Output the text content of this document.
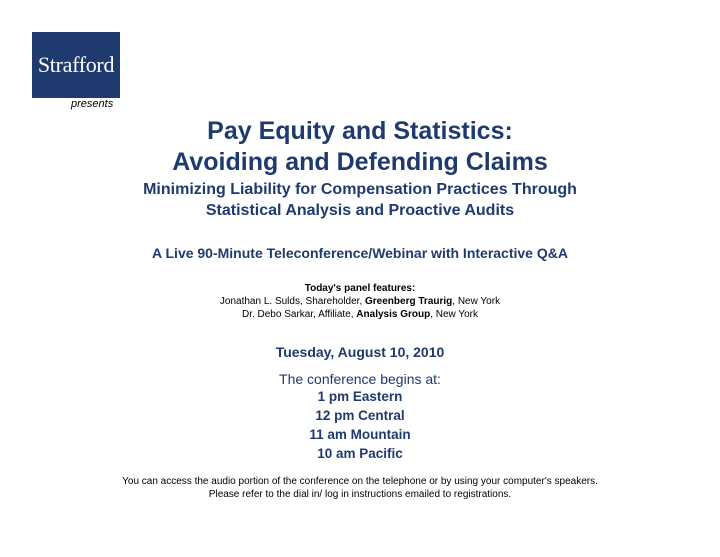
Strafford
presents
Pay Equity and Statistics:
Avoiding and Defending Claims
Minimizing Liability for Compensation Practices Through
Statistical Analysis and Proactive Audits
A Live 90-Minute Teleconference/Webinar with Interactive Q&A
Today's panel features:
Jonathan L. Sulds, Shareholder, Greenberg Traurig, New York
Dr. Debo Sarkar, Affiliate, Analysis Group, New York
Tuesday, August 10, 2010
The conference begins at:
1 pm Eastern
12 pm Central
11 am Mountain
10 am Pacific
You can access the audio portion of the conference on the telephone or by using your computer's speakers.
Please refer to the dial in/ log in instructions emailed to registrations.
